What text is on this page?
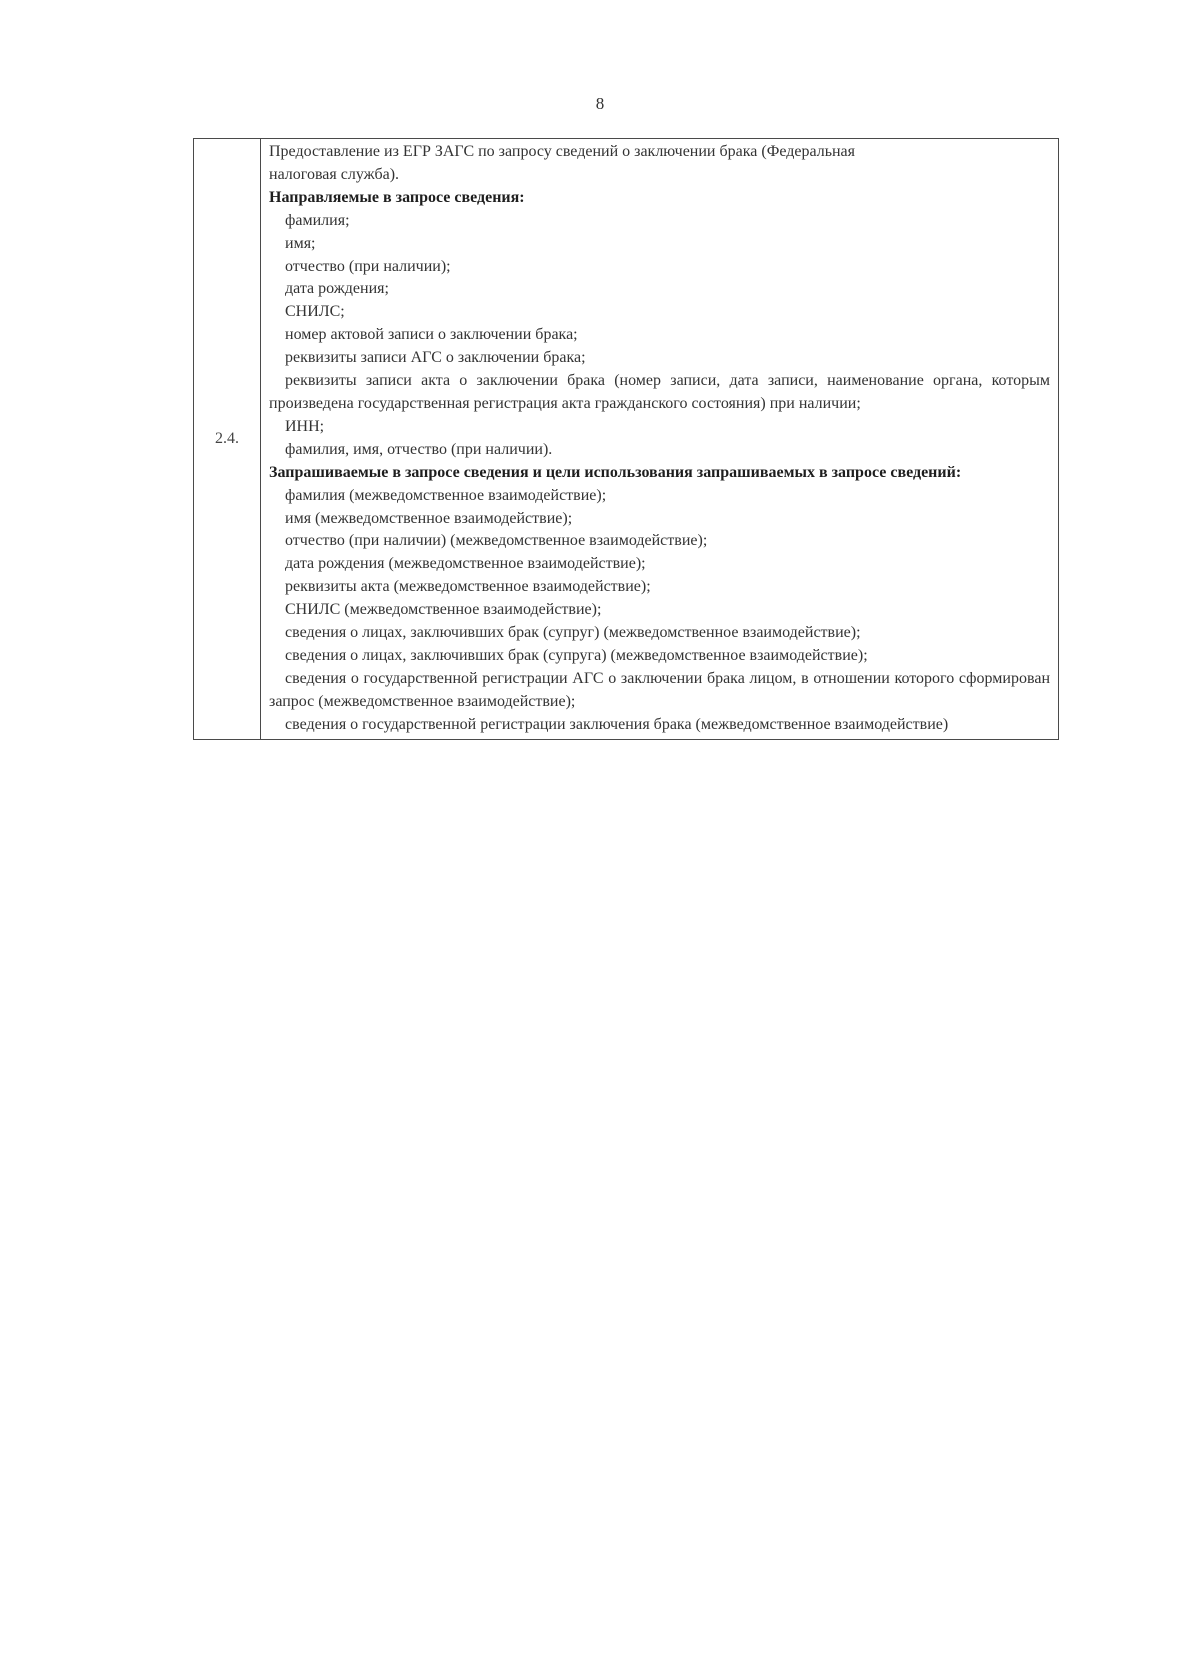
8
2.4.	
Предоставление из ЕГР ЗАГС по запросу сведений о заключении брака (Федеральная
налоговая служба).
Направляемые в запросе сведения:
фамилия;
имя;
отчество (при наличии);
дата рождения;
СНИЛС;
номер актовой записи о заключении брака;
реквизиты записи АГС о заключении брака;
реквизиты записи акта о заключении брака (номер записи, дата записи, наименование органа, которым произведена государственная регистрация акта гражданского состояния) при наличии;
ИНН;
фамилия, имя, отчество (при наличии).
Запрашиваемые в запросе сведения и цели использования запрашиваемых в запросе сведений:
фамилия (межведомственное взаимодействие);
имя (межведомственное взаимодействие);
отчество (при наличии) (межведомственное взаимодействие);
дата рождения (межведомственное взаимодействие);
реквизиты акта (межведомственное взаимодействие);
СНИЛС (межведомственное взаимодействие);
сведения о лицах, заключивших брак (супруг) (межведомственное взаимодействие);
сведения о лицах, заключивших брак (супруга) (межведомственное взаимодействие);
сведения о государственной регистрации АГС о заключении брака лицом, в отношении которого сформирован запрос (межведомственное взаимодействие);
сведения о государственной регистрации заключения брака (межведомственное взаимодействие)
